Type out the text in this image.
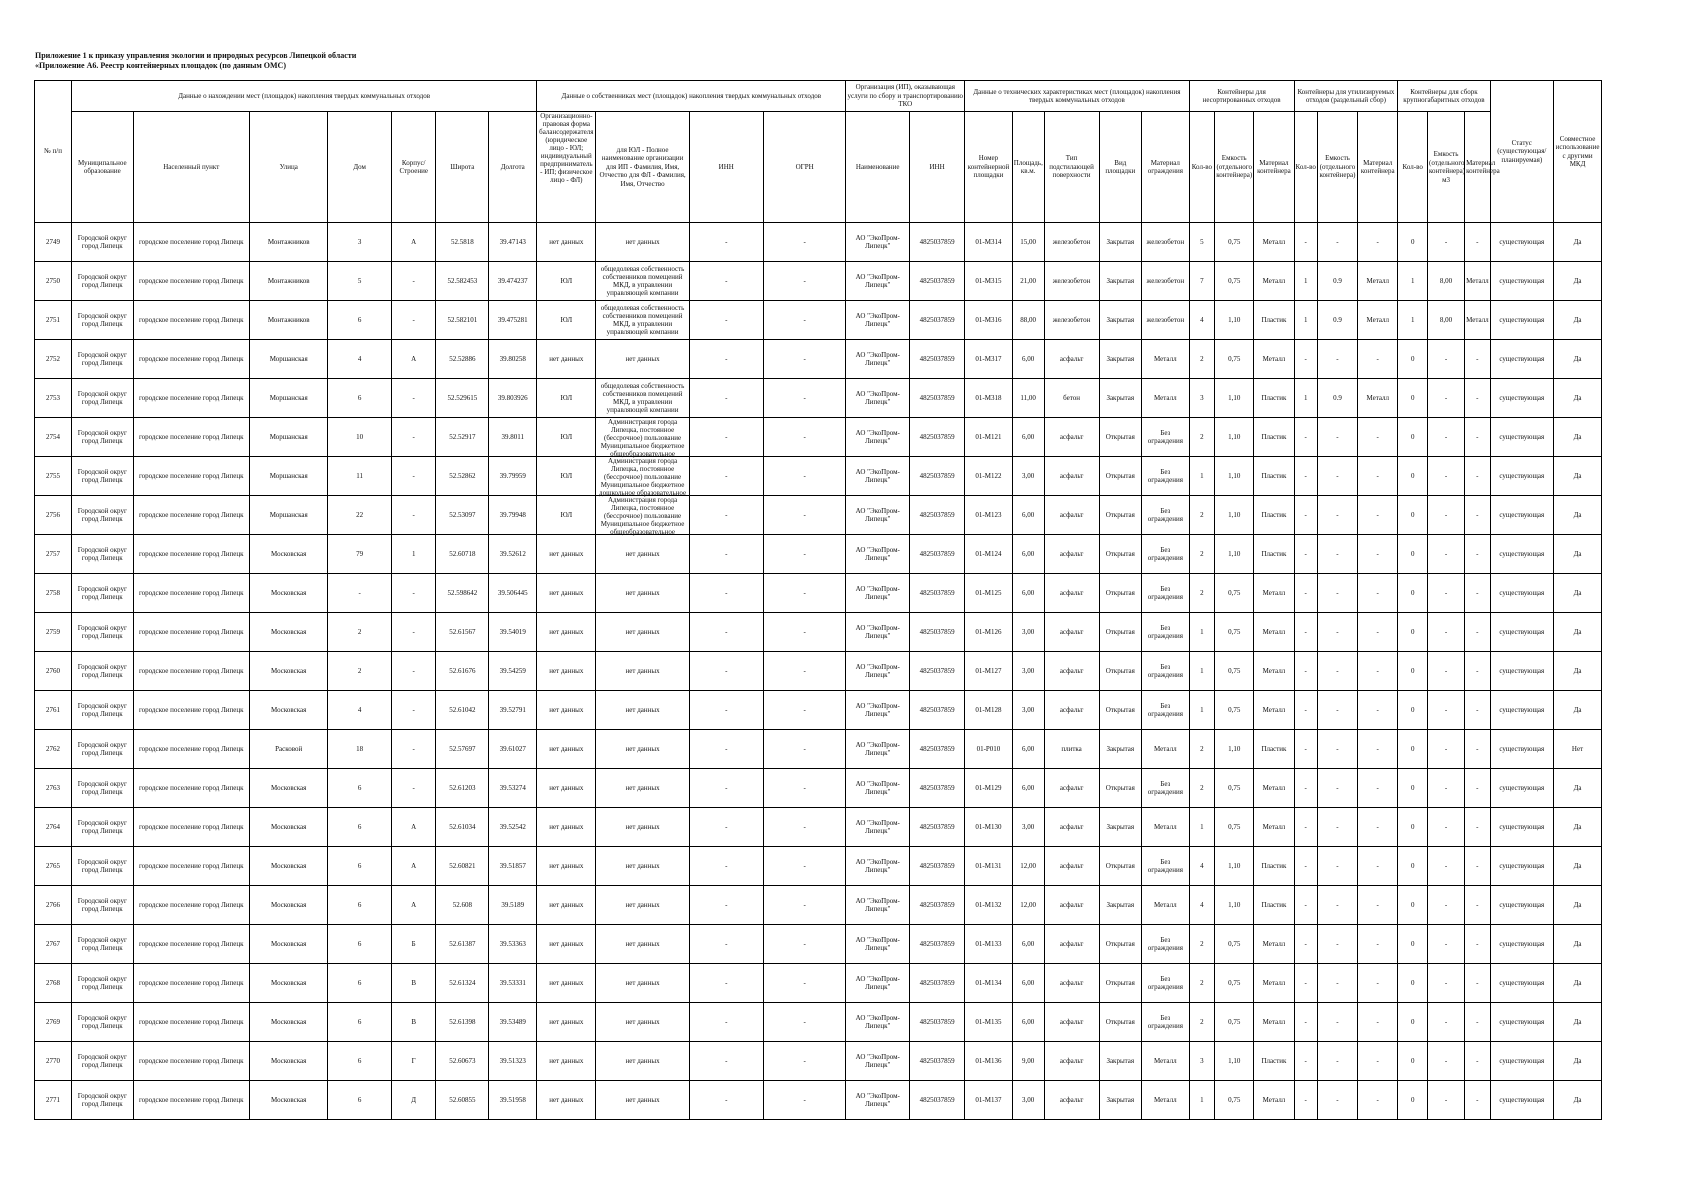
Приложение 1 к приказу управления экологии и природных ресурсов Липецкой области
«Приложение А6. Реестр контейнерных площадок (по данным ОМС)
№ п/п	Данные о нахождении мест (площадок) накопления твердых коммунальных отходов							Данные о собственниках мест (площадок) накопления твердых коммунальных отходов				Организация (ИП), оказывающая услуги по сбору и транспортированию ТКО		Данные о технических характеристиках мест (площадок) накопления твердых коммунальных отходов					Контейнеры для несортированных отходов			Контейнеры для утилизируемых отходов (раздельный сбор)			Контейнеры для сборк крупногабаритных отходов			Статус (существующая/планируемая)	Совместное использование с другими МКД
	Муниципальное образование	Населенный пункт	Улица	Дом	Корпус/Строение	Широта	Долгота	Организационно-правовая форма балансодержателя (юридическое лицо - ЮЛ; индивидуальный предприниматель - ИП; физическое лицо - ФЛ)	для ЮЛ - Полное наименование организации для ИП - Фамилия, Имя, Отчество для ФЛ - Фамилия, Имя, Отчество	ИНН	ОГРН	Наименование	ИНН	Номер контейнерной площадки	Площадь, кв.м.	Тип подстилающей поверхности	Вид площадки	Материал ограждения	Кол-во	Емкость (отдельного контейнера)	Материал контейнера	Кол-во	Емкость (отдельного контейнера)	Материал контейнера	Кол-во	Емкость (отдельного контейнера) м3	Материал контейнера		
2749	Городской округ город Липецк	городское поселение город Липецк	Монтажников	3	А	52.5818	39.47143	нет данных	нет данных	-	-	АО "ЭкоПром-Липецк"	4825037859	01-М314	15,00	железобетон	Закрытая	железобетон	5	0,75	Металл	-	-	-	0	-	-	существующая	Да
2750	Городской округ город Липецк	городское поселение город Липецк	Монтажников	5	-	52.582453	39.474237	ЮЛ	общедолевая собственность собственников помещений МКД, в управлении управляющей компании	-	-	АО "ЭкоПром-Липецк"	4825037859	01-М315	21,00	железобетон	Закрытая	железобетон	7	0,75	Металл	1	0.9	Металл	1	8,00	Металл	существующая	Да
2751	Городской округ город Липецк	городское поселение город Липецк	Монтажников	6	-	52.582101	39.475281	ЮЛ	общедолевая собственность собственников помещений МКД, в управлении управляющей компании	-	-	АО "ЭкоПром-Липецк"	4825037859	01-М316	88,00	железобетон	Закрытая	железобетон	4	1,10	Пластик	1	0.9	Металл	1	8,00	Металл	существующая	Да
2752	Городской округ город Липецк	городское поселение город Липецк	Моршанская	4	А	52.52886	39.80258	нет данных	нет данных	-	-	АО "ЭкоПром-Липецк"	4825037859	01-М317	6,00	асфальт	Закрытая	Металл	2	0,75	Металл	-	-	-	0	-	-	существующая	Да
2753	Городской округ город Липецк	городское поселение город Липецк	Моршанская	6	-	52.529615	39.803926	ЮЛ	общедолевая собственность собственников помещений МКД, в управлении управляющей компании	-	-	АО "ЭкоПром-Липецк"	4825037859	01-М318	11,00	бетон	Закрытая	Металл	3	1,10	Пластик	1	0.9	Металл	0	-	-	существующая	Да
2754	Городской округ город Липецк	городское поселение город Липецк	Моршанская	10	-	52.52917	39.8011	ЮЛ	Администрация города Липецка, постоянное (бессрочное) пользование Муниципальное бюджетное общеобразовательное	-	-	АО "ЭкоПром-Липецк"	4825037859	01-М121	6,00	асфальт	Открытая	Без ограждения	2	1,10	Пластик	-	-	-	0	-	-	существующая	Да
2755	Городской округ город Липецк	городское поселение город Липецк	Моршанская	11	-	52.52862	39.79959	ЮЛ	Администрация города Липецка, постоянное (бессрочное) пользование Муниципальное бюджетное дошкольное образовательное	-	-	АО "ЭкоПром-Липецк"	4825037859	01-М122	3,00	асфальт	Открытая	Без ограждения	1	1,10	Пластик	-	-	-	0	-	-	существующая	Да
2756	Городской округ город Липецк	городское поселение город Липецк	Моршанская	22	-	52.53097	39.79948	ЮЛ	Администрация города Липецка, постоянное (бессрочное) пользование Муниципальное бюджетное общеобразовательное	-	-	АО "ЭкоПром-Липецк"	4825037859	01-М123	6,00	асфальт	Открытая	Без ограждения	2	1,10	Пластик	-	-	-	0	-	-	существующая	Да
2757	Городской округ город Липецк	городское поселение город Липецк	Московская	79	1	52.60718	39.52612	нет данных	нет данных	-	-	АО "ЭкоПром-Липецк"	4825037859	01-М124	6,00	асфальт	Открытая	Без ограждения	2	1,10	Пластик	-	-	-	0	-	-	существующая	Да
2758	Городской округ город Липецк	городское поселение город Липецк	Московская	-	-	52.598642	39.506445	нет данных	нет данных	-	-	АО "ЭкоПром-Липецк"	4825037859	01-М125	6,00	асфальт	Открытая	Без ограждения	2	0,75	Металл	-	-	-	0	-	-	существующая	Да
2759	Городской округ город Липецк	городское поселение город Липецк	Московская	2	-	52.61567	39.54019	нет данных	нет данных	-	-	АО "ЭкоПром-Липецк"	4825037859	01-М126	3,00	асфальт	Открытая	Без ограждения	1	0,75	Металл	-	-	-	0	-	-	существующая	Да
2760	Городской округ город Липецк	городское поселение город Липецк	Московская	2	-	52.61676	39.54259	нет данных	нет данных	-	-	АО "ЭкоПром-Липецк"	4825037859	01-М127	3,00	асфальт	Открытая	Без ограждения	1	0,75	Металл	-	-	-	0	-	-	существующая	Да
2761	Городской округ город Липецк	городское поселение город Липецк	Московская	4	-	52.61042	39.52791	нет данных	нет данных	-	-	АО "ЭкоПром-Липецк"	4825037859	01-М128	3,00	асфальт	Открытая	Без ограждения	1	0,75	Металл	-	-	-	0	-	-	существующая	Да
2762	Городской округ город Липецк	городское поселение город Липецк	Расковой	18	-	52.57697	39.61027	нет данных	нет данных	-	-	АО "ЭкоПром-Липецк"	4825037859	01-Р010	6,00	плитка	Закрытая	Металл	2	1,10	Пластик	-	-	-	0	-	-	существующая	Нет
2763	Городской округ город Липецк	городское поселение город Липецк	Московская	6	-	52.61203	39.53274	нет данных	нет данных	-	-	АО "ЭкоПром-Липецк"	4825037859	01-М129	6,00	асфальт	Открытая	Без ограждения	2	0,75	Металл	-	-	-	0	-	-	существующая	Да
2764	Городской округ город Липецк	городское поселение город Липецк	Московская	6	А	52.61034	39.52542	нет данных	нет данных	-	-	АО "ЭкоПром-Липецк"	4825037859	01-М130	3,00	асфальт	Закрытая	Металл	1	0,75	Металл	-	-	-	0	-	-	существующая	Да
2765	Городской округ город Липецк	городское поселение город Липецк	Московская	6	А	52.60821	39.51857	нет данных	нет данных	-	-	АО "ЭкоПром-Липецк"	4825037859	01-М131	12,00	асфальт	Открытая	Без ограждения	4	1,10	Пластик	-	-	-	0	-	-	существующая	Да
2766	Городской округ город Липецк	городское поселение город Липецк	Московская	6	А	52.608	39.5189	нет данных	нет данных	-	-	АО "ЭкоПром-Липецк"	4825037859	01-М132	12,00	асфальт	Закрытая	Металл	4	1,10	Пластик	-	-	-	0	-	-	существующая	Да
2767	Городской округ город Липецк	городское поселение город Липецк	Московская	6	Б	52.61387	39.53363	нет данных	нет данных	-	-	АО "ЭкоПром-Липецк"	4825037859	01-М133	6,00	асфальт	Открытая	Без ограждения	2	0,75	Металл	-	-	-	0	-	-	существующая	Да
2768	Городской округ город Липецк	городское поселение город Липецк	Московская	6	В	52.61324	39.53331	нет данных	нет данных	-	-	АО "ЭкоПром-Липецк"	4825037859	01-М134	6,00	асфальт	Открытая	Без ограждения	2	0,75	Металл	-	-	-	0	-	-	существующая	Да
2769	Городской округ город Липецк	городское поселение город Липецк	Московская	6	В	52.61398	39.53489	нет данных	нет данных	-	-	АО "ЭкоПром-Липецк"	4825037859	01-М135	6,00	асфальт	Открытая	Без ограждения	2	0,75	Металл	-	-	-	0	-	-	существующая	Да
2770	Городской округ город Липецк	городское поселение город Липецк	Московская	6	Г	52.60673	39.51323	нет данных	нет данных	-	-	АО "ЭкоПром-Липецк"	4825037859	01-М136	9,00	асфальт	Закрытая	Металл	3	1,10	Пластик	-	-	-	0	-	-	существующая	Да
2771	Городской округ город Липецк	городское поселение город Липецк	Московская	6	Д	52.60855	39.51958	нет данных	нет данных	-	-	АО "ЭкоПром-Липецк"	4825037859	01-М137	3,00	асфальт	Закрытая	Металл	1	0,75	Металл	-	-	-	0	-	-	существующая	Да
